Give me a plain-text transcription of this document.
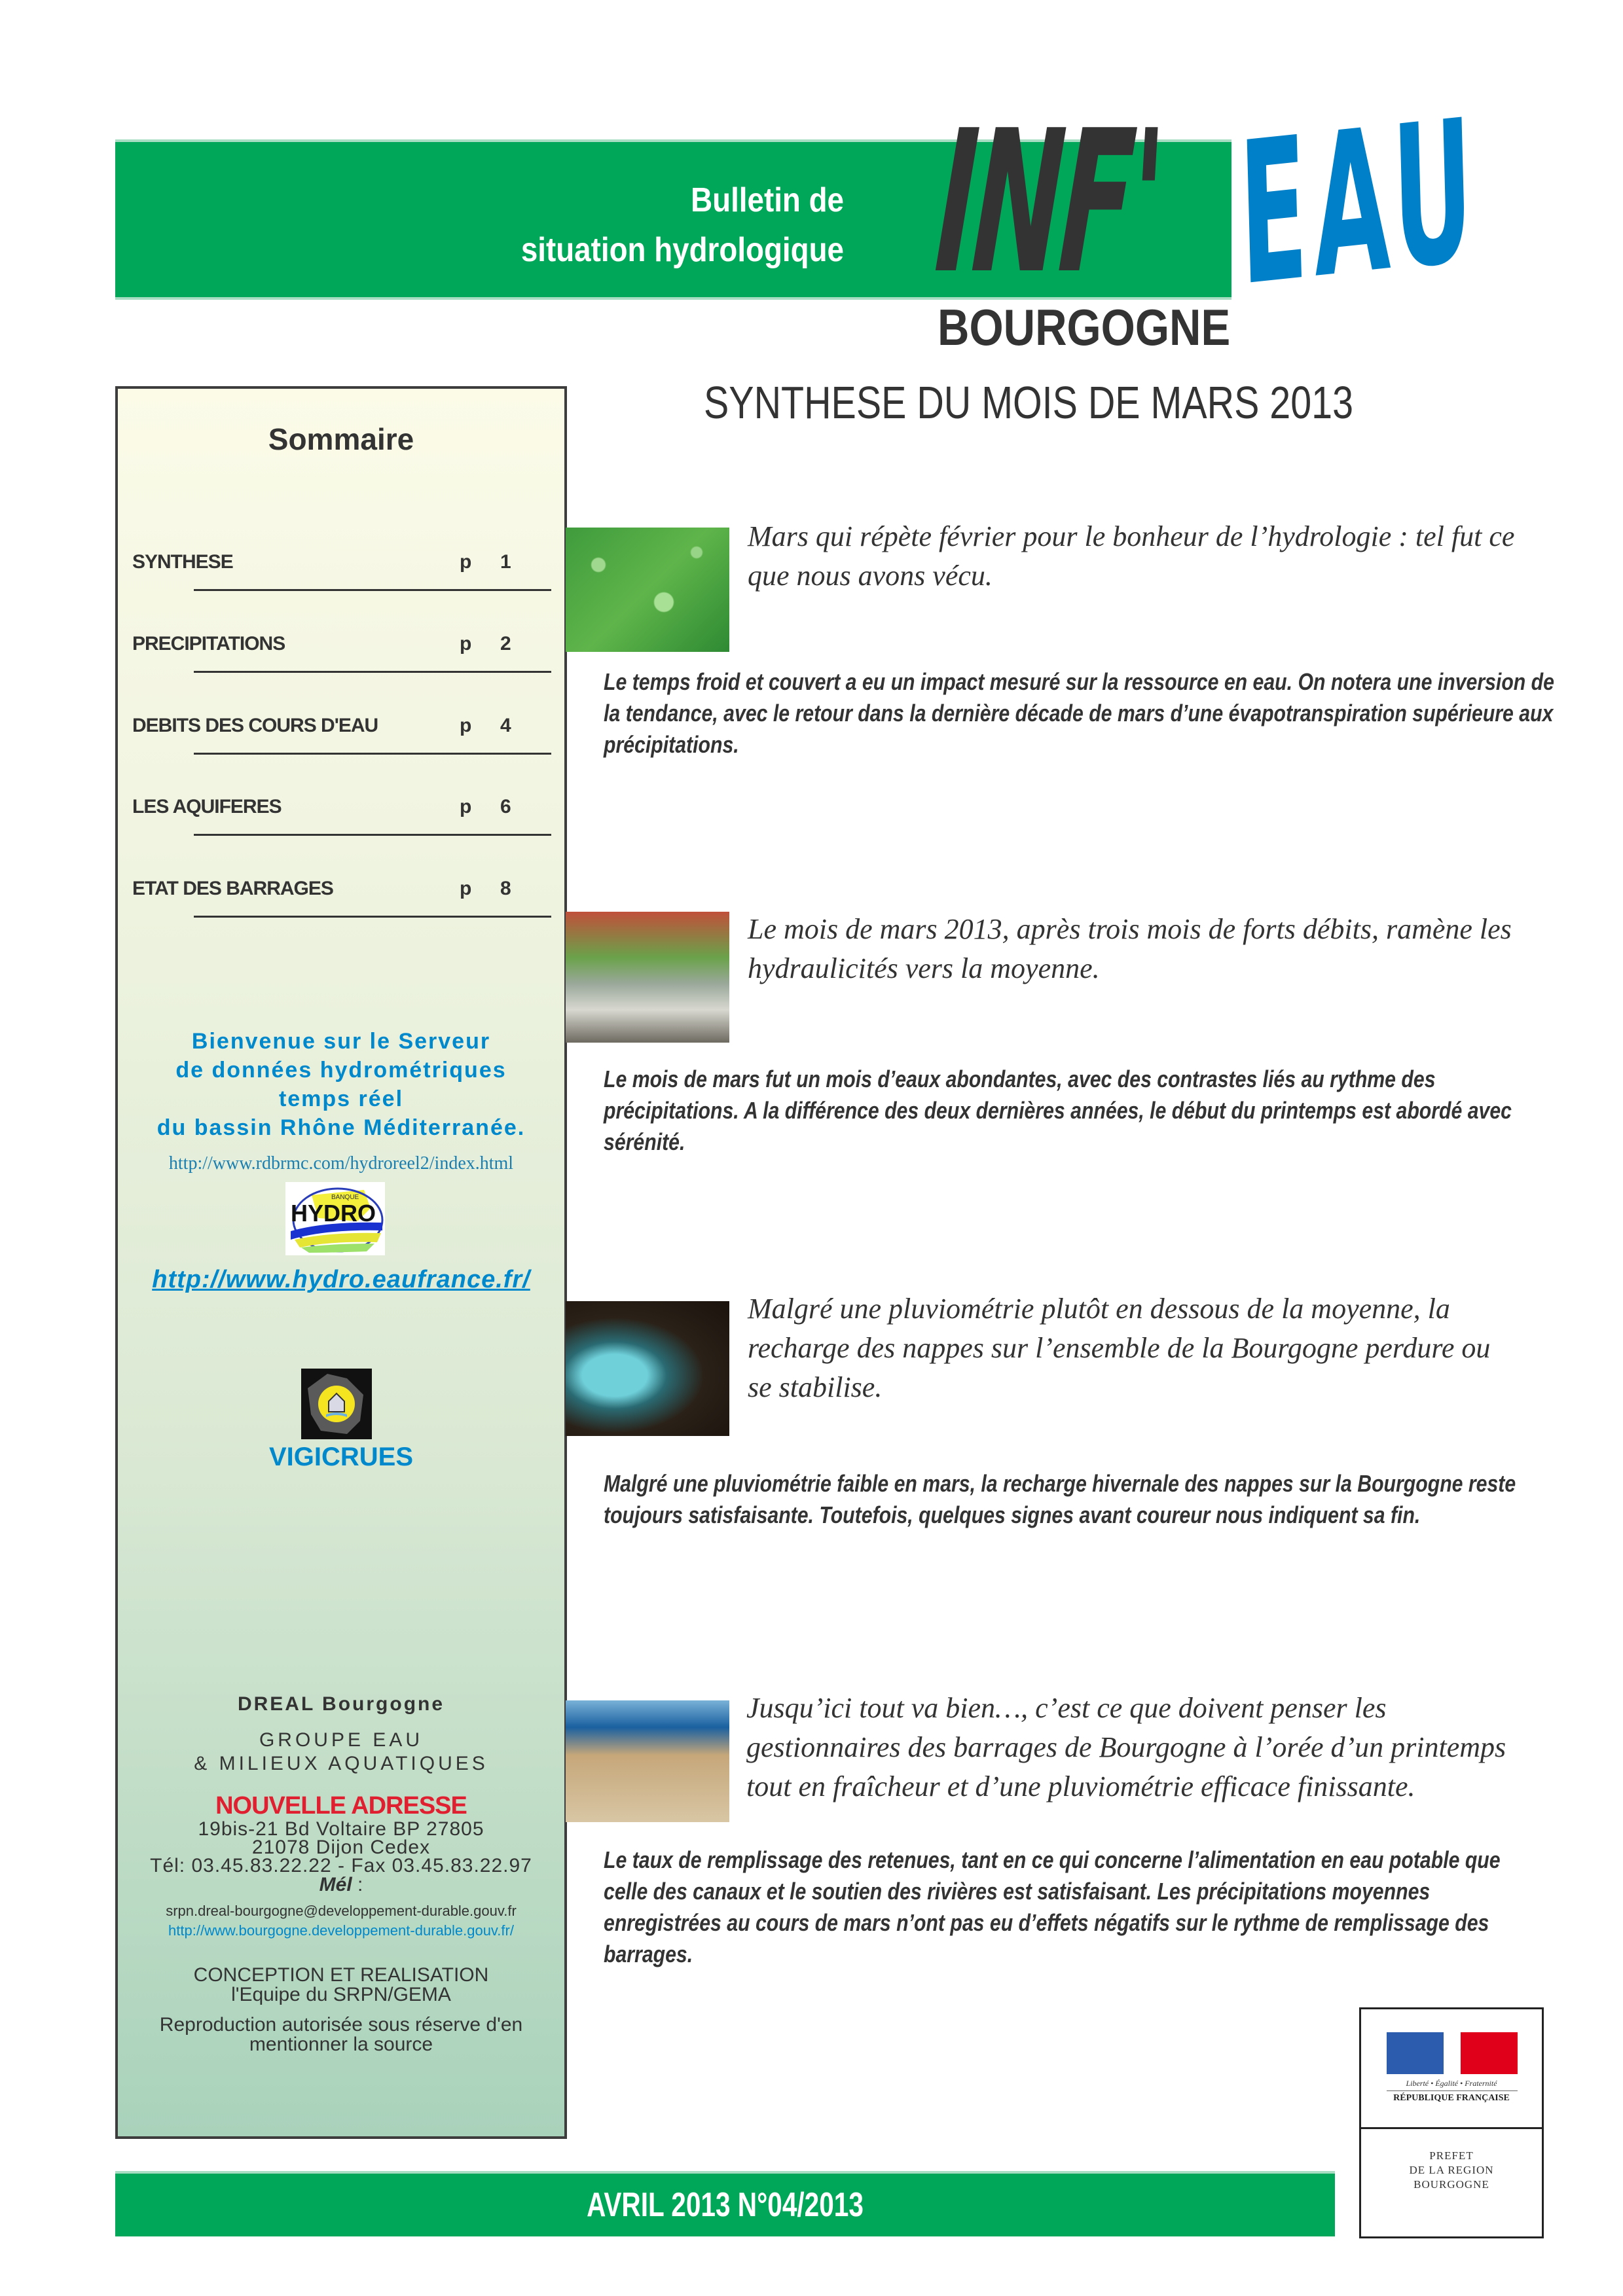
Bulletin de
situation hydrologique INF' EAU
BOURGOGNE
SYNTHESE DU MOIS DE MARS 2013
Sommaire
SYNTHESE	p 1
PRECIPITATIONS	p 2
DEBITS DES COURS D'EAU	p 4
LES AQUIFERES	p 6
ETAT DES BARRAGES	p 8
Bienvenue sur le Serveur
de données hydrométriques
temps réel
du bassin Rhône Méditerranée.
http://www.rdbrmc.com/hydroreel2/index.html
HYDRO
BANQUE
http://www.hydro.eaufrance.fr/
VIGICRUES
DREAL Bourgogne
GROUPE EAU
& MILIEUX AQUATIQUES
NOUVELLE ADRESSE
19bis-21 Bd Voltaire BP 27805
21078 Dijon Cedex
Tél: 03.45.83.22.22 - Fax 03.45.83.22.97
Mél :
srpn.dreal-bourgogne@developpement-durable.gouv.fr
http://www.bourgogne.developpement-durable.gouv.fr/
CONCEPTION ET REALISATION
l'Equipe du SRPN/GEMA
Reproduction autorisée sous réserve d'en
mentionner la source
Mars qui répète février pour le bonheur de l’hydrologie : tel fut ce que nous avons vécu.
Le temps froid et couvert a eu un impact mesuré sur la ressource en eau. On notera une inversion de la tendance, avec le retour dans la dernière décade de mars d’une évapotranspiration supérieure aux précipitations.
Le mois de mars 2013, après trois mois de forts débits, ramène les hydraulicités vers la moyenne.
Le mois de mars fut un mois d’eaux abondantes, avec des contrastes liés au rythme des précipitations. A la différence des deux dernières années, le début du printemps est abordé avec sérénité.
Malgré une pluviométrie plutôt en dessous de la moyenne, la recharge des nappes sur l’ensemble de la Bourgogne perdure ou se stabilise.
Malgré une pluviométrie faible en mars, la recharge hivernale des nappes sur la Bourgogne reste toujours satisfaisante. Toutefois, quelques signes avant coureur nous indiquent sa fin.
Jusqu’ici tout va bien…, c’est ce que doivent penser les gestionnaires des barrages de Bourgogne à l’orée d’un printemps tout en fraîcheur et d’une pluviométrie efficace finissante.
Le taux de remplissage des retenues, tant en ce qui concerne l’alimentation en eau potable que celle des canaux et le soutien des rivières est satisfaisant. Les précipitations moyennes enregistrées au cours de mars n’ont pas eu d’effets négatifs sur le rythme de remplissage des barrages.
AVRIL 2013 N°04/2013
Liberté • Égalité • Fraternité
RÉPUBLIQUE FRANÇAISE
PREFET
DE LA REGION
BOURGOGNE
